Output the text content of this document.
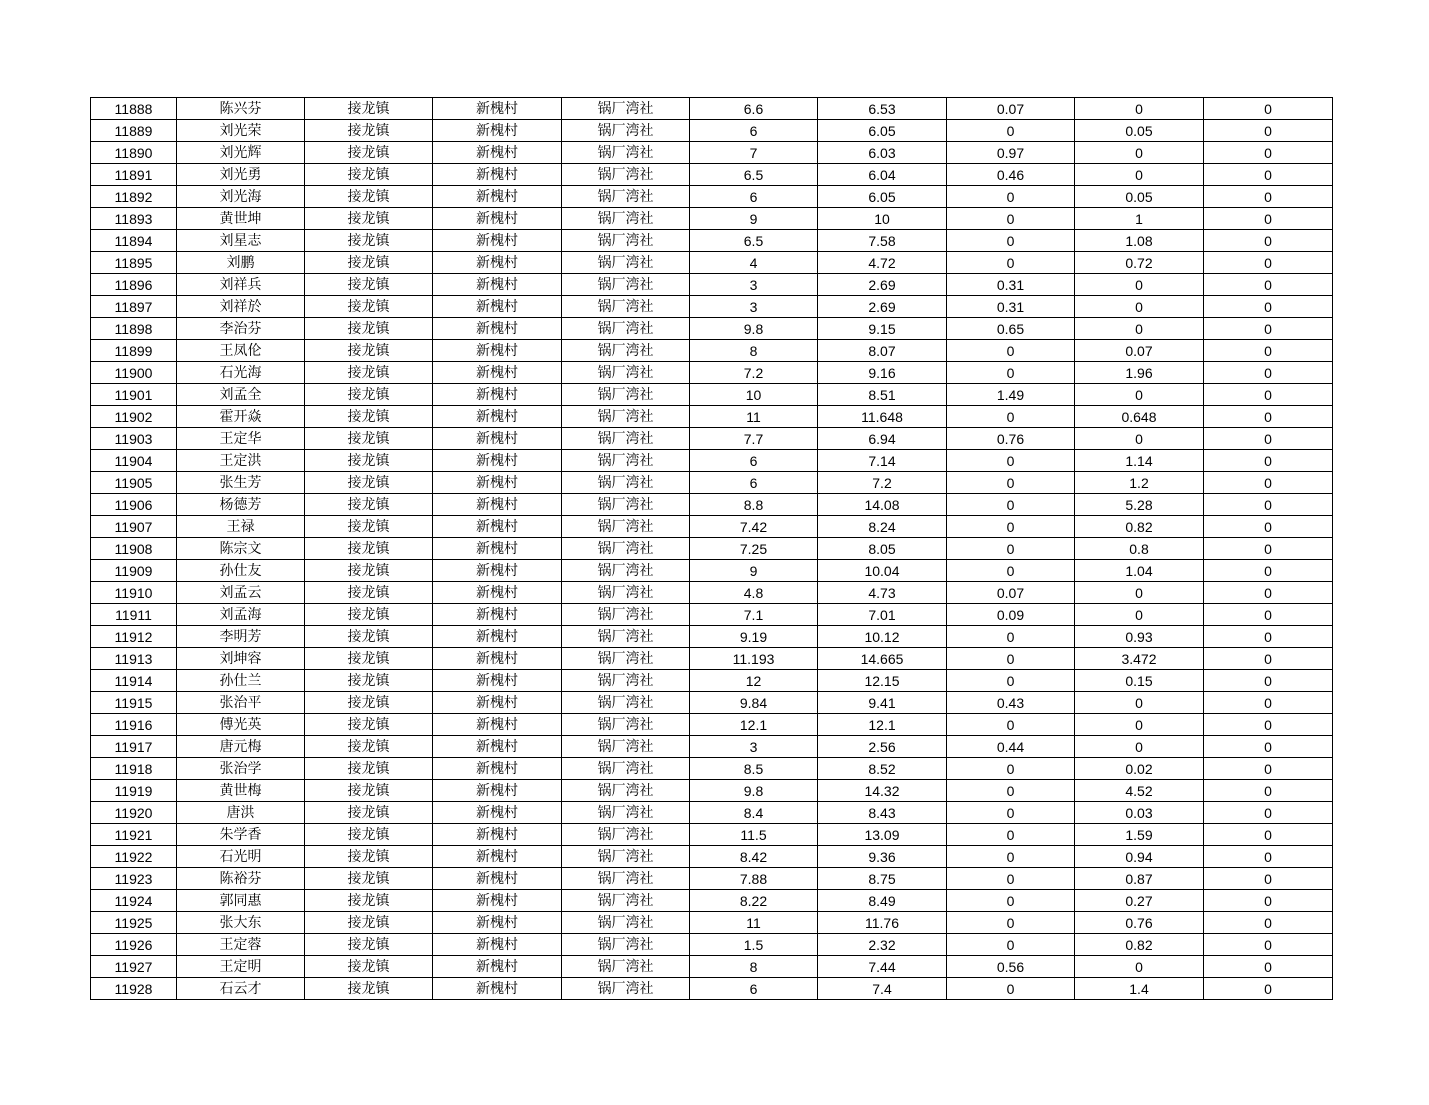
11888	陈兴芬	接龙镇	新槐村	锅厂湾社	6.6	6.53	0.07	0	0
11889	刘光荣	接龙镇	新槐村	锅厂湾社	6	6.05	0	0.05	0
11890	刘光辉	接龙镇	新槐村	锅厂湾社	7	6.03	0.97	0	0
11891	刘光勇	接龙镇	新槐村	锅厂湾社	6.5	6.04	0.46	0	0
11892	刘光海	接龙镇	新槐村	锅厂湾社	6	6.05	0	0.05	0
11893	黄世坤	接龙镇	新槐村	锅厂湾社	9	10	0	1	0
11894	刘星志	接龙镇	新槐村	锅厂湾社	6.5	7.58	0	1.08	0
11895	刘鹏	接龙镇	新槐村	锅厂湾社	4	4.72	0	0.72	0
11896	刘祥兵	接龙镇	新槐村	锅厂湾社	3	2.69	0.31	0	0
11897	刘祥於	接龙镇	新槐村	锅厂湾社	3	2.69	0.31	0	0
11898	李治芬	接龙镇	新槐村	锅厂湾社	9.8	9.15	0.65	0	0
11899	王凤伦	接龙镇	新槐村	锅厂湾社	8	8.07	0	0.07	0
11900	石光海	接龙镇	新槐村	锅厂湾社	7.2	9.16	0	1.96	0
11901	刘孟全	接龙镇	新槐村	锅厂湾社	10	8.51	1.49	0	0
11902	霍开焱	接龙镇	新槐村	锅厂湾社	11	11.648	0	0.648	0
11903	王定华	接龙镇	新槐村	锅厂湾社	7.7	6.94	0.76	0	0
11904	王定洪	接龙镇	新槐村	锅厂湾社	6	7.14	0	1.14	0
11905	张生芳	接龙镇	新槐村	锅厂湾社	6	7.2	0	1.2	0
11906	杨德芳	接龙镇	新槐村	锅厂湾社	8.8	14.08	0	5.28	0
11907	王禄	接龙镇	新槐村	锅厂湾社	7.42	8.24	0	0.82	0
11908	陈宗文	接龙镇	新槐村	锅厂湾社	7.25	8.05	0	0.8	0
11909	孙仕友	接龙镇	新槐村	锅厂湾社	9	10.04	0	1.04	0
11910	刘孟云	接龙镇	新槐村	锅厂湾社	4.8	4.73	0.07	0	0
11911	刘孟海	接龙镇	新槐村	锅厂湾社	7.1	7.01	0.09	0	0
11912	李明芳	接龙镇	新槐村	锅厂湾社	9.19	10.12	0	0.93	0
11913	刘坤容	接龙镇	新槐村	锅厂湾社	11.193	14.665	0	3.472	0
11914	孙仕兰	接龙镇	新槐村	锅厂湾社	12	12.15	0	0.15	0
11915	张治平	接龙镇	新槐村	锅厂湾社	9.84	9.41	0.43	0	0
11916	傅光英	接龙镇	新槐村	锅厂湾社	12.1	12.1	0	0	0
11917	唐元梅	接龙镇	新槐村	锅厂湾社	3	2.56	0.44	0	0
11918	张治学	接龙镇	新槐村	锅厂湾社	8.5	8.52	0	0.02	0
11919	黄世梅	接龙镇	新槐村	锅厂湾社	9.8	14.32	0	4.52	0
11920	唐洪	接龙镇	新槐村	锅厂湾社	8.4	8.43	0	0.03	0
11921	朱学香	接龙镇	新槐村	锅厂湾社	11.5	13.09	0	1.59	0
11922	石光明	接龙镇	新槐村	锅厂湾社	8.42	9.36	0	0.94	0
11923	陈裕芬	接龙镇	新槐村	锅厂湾社	7.88	8.75	0	0.87	0
11924	郭同惠	接龙镇	新槐村	锅厂湾社	8.22	8.49	0	0.27	0
11925	张大东	接龙镇	新槐村	锅厂湾社	11	11.76	0	0.76	0
11926	王定蓉	接龙镇	新槐村	锅厂湾社	1.5	2.32	0	0.82	0
11927	王定明	接龙镇	新槐村	锅厂湾社	8	7.44	0.56	0	0
11928	石云才	接龙镇	新槐村	锅厂湾社	6	7.4	0	1.4	0
